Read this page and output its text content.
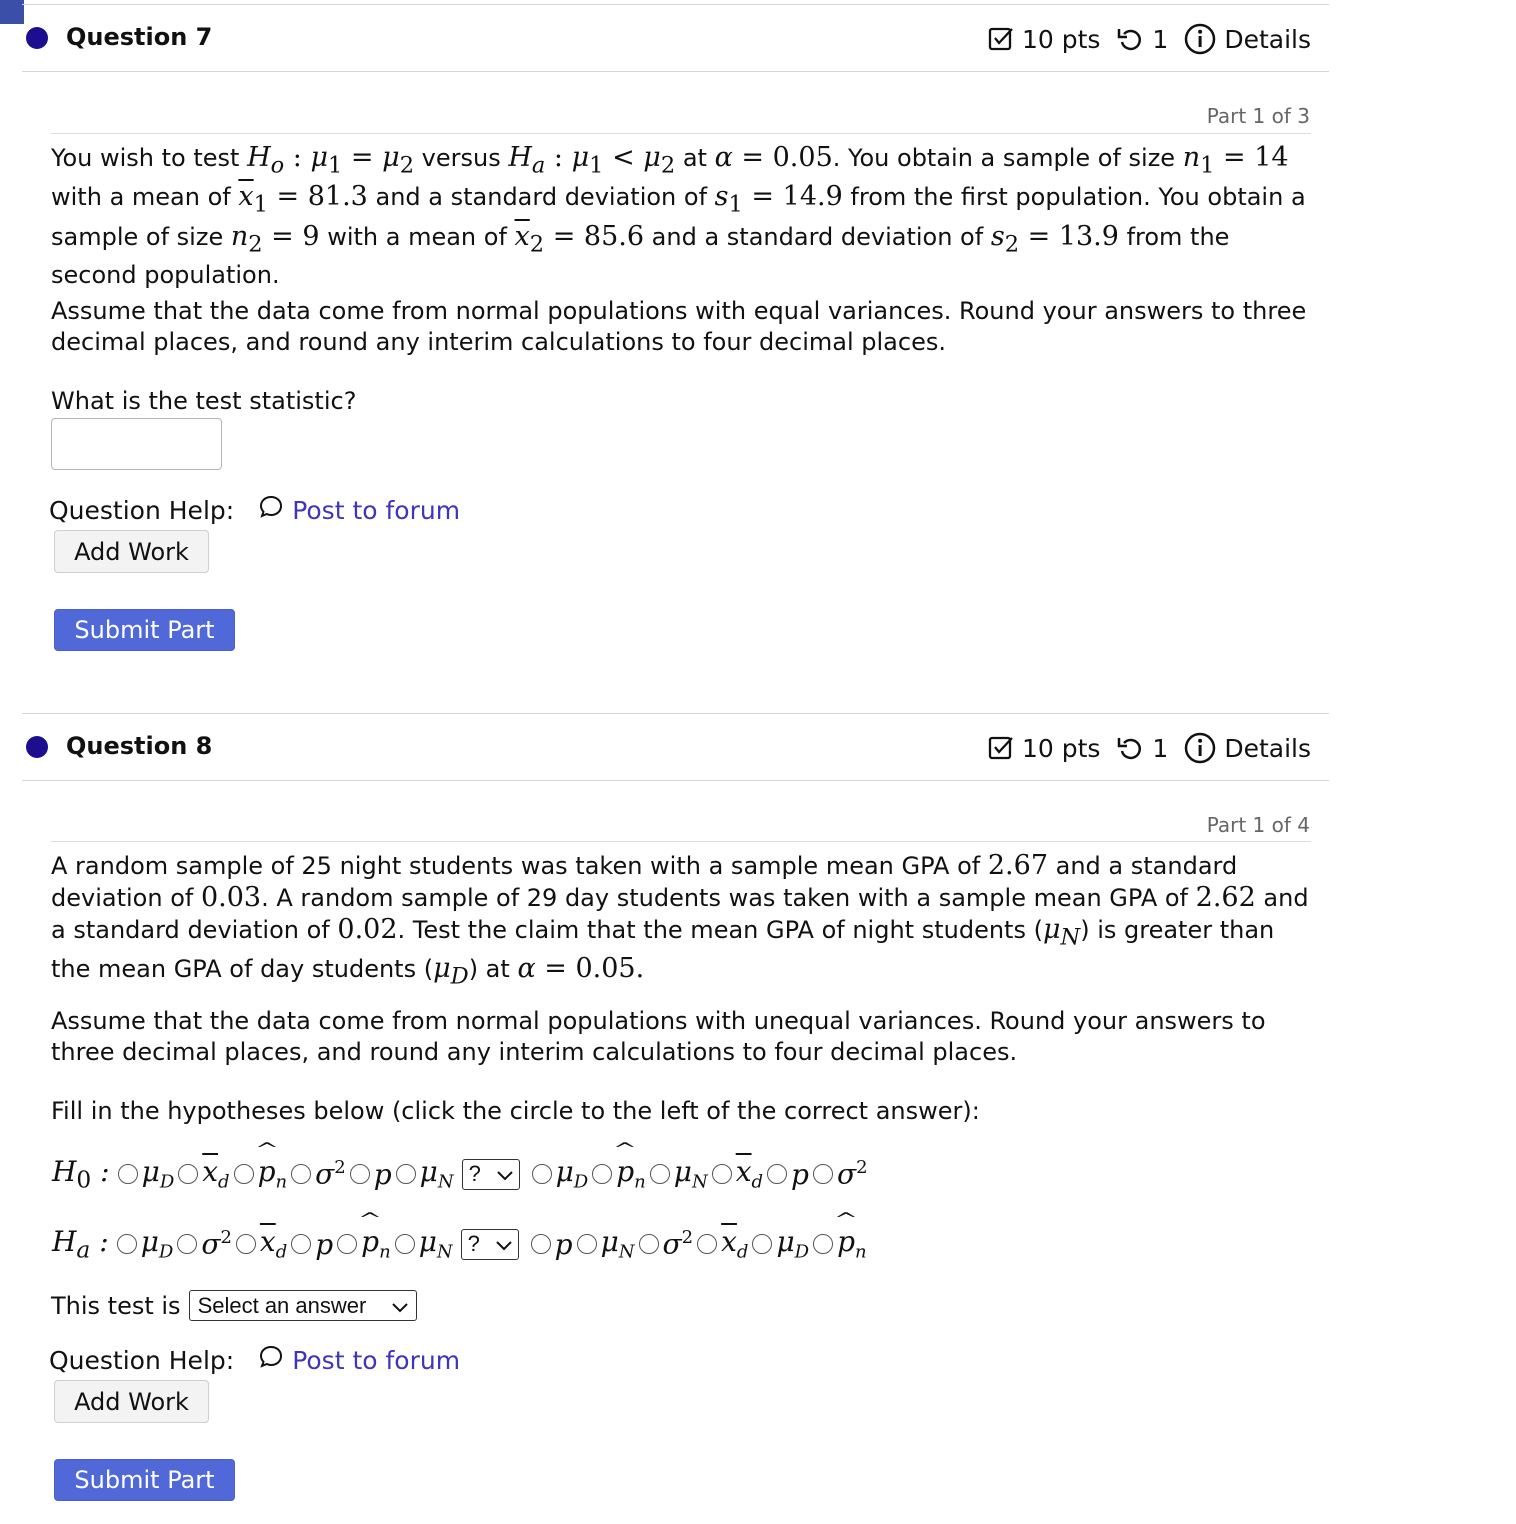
Question 7	10 pts 1 Details
Part 1 of 3
You wish to test $H_o$ : $\mu_1 = \mu_2$ versus $H_a$ : $\mu_1 < \mu_2$ at α = 0.05. You obtain a sample of size $n_1 = 14$ with a mean of $\overline{x}_1 = 81.3$ and a standard deviation of $s_1 = 14.9$ from the first population. You obtain a sample of size $n_2 = 9$ with a mean of $\overline{x}_2 = 85.6$ and a standard deviation of $s_2 = 13.9$ from the second population.
Assume that the data come from normal populations with equal variances. Round your answers to three decimal places, and round any interim calculations to four decimal places.
What is the test statistic?
Question Help: Post to forum
Add Work
Submit Part
Question 8	10 pts 1 Details
Part 1 of 4
A random sample of 25 night students was taken with a sample mean GPA of 2.67 and a standard deviation of 0.03. A random sample of 29 day students was taken with a sample mean GPA of 2.62 and a standard deviation of 0.02. Test the claim that the mean GPA of night students $(\mu_N)$ is greater than the mean GPA of day students $(\mu_D)$ at α = 0.05.
Assume that the data come from normal populations with unequal variances. Round your answers to three decimal places, and round any interim calculations to four decimal places.
Fill in the hypotheses below (click the circle to the left of the correct answer):
$H_0$ : $\mu_D$ $\overline{x}_d$ ^ $p_n$ $\sigma^2$ p $\mu_N$ ?	$\mu_D$ ^ $p_n$ $\mu_N$ $\overline{x}_d$ p $\sigma^2$
$H_a$ : $\mu_D$ $\sigma^2$ $\overline{x}_d$ p ^ $p_n$ $\mu_N$ ?	p $\mu_N$ $\sigma^2$ $\overline{x}_d$ $\mu_D$ ^ $p_n$
This test is Select an answer
Question Help: Post to forum
Add Work
Submit Part
